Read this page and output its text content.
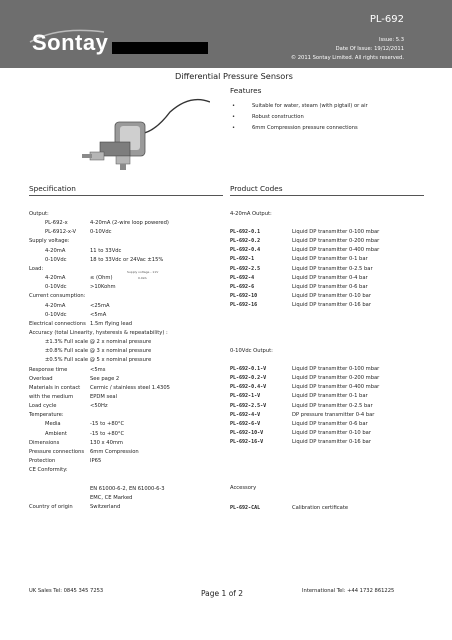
Sontay
PL-692
Issue: 5.3
Date Of Issue: 19/12/2011
© 2011 Sontay Limited. All rights reserved.
Differential Pressure Sensors
Features
•	Suitable for water, steam (with pigtail) or air
•	Robust construction
•	6mm Compression pressure connections
Specification	Product Codes
Output:
PL-692-x	4-20mA (2-wire loop powered)
PL-6912-x-V	0-10Vdc
Supply voltage:
4-20mA	11 to 33Vdc
0-10Vdc	18 to 33Vdc or 24Vac ±15%
Load:
4-20mA	≤ (Ohm)
0-10Vdc	>10Kohm
Current consumption:
4-20mA	<25mA
0-10Vdc	<5mA
Electrical connections 1.5m flying lead
Accuracy (total Linearity, hysteresis & repeatability) :
±1.3% Full scale @ 2 x nominal pressure
±0.8% Full scale @ 3 x nominal pressure
±0.5% Full scale @ 5 x nominal pressure
Response time	<5ms
Overload	See page 2
Materials in contact Cermic / stainless steel 1.4305
with the medium	EPDM seal
Load cycle	<50Hz
Temperature:
Media	-15 to +80°C
Ambient	-15 to +80°C
Dimensions	130 x 40mm
Pressure connections 6mm Compression
Protection	IP65
CE Conformity:
EN 61000-6-2, EN 61000-6-3
EMC, CE Marked
Country of origin	Switzerland
Supply voltage - 11V
0.02A
4-20mA Output:
PL-692-0.1	Liquid DP transmitter 0-100 mbar
PL-692-0.2	Liquid DP transmitter 0-200 mbar
PL-692-0.4	Liquid DP transmitter 0-400 mbar
PL-692-1	Liquid DP transmitter 0-1 bar
PL-692-2.5	Liquid DP transmitter 0-2.5 bar
PL-692-4	Liquid DP transmitter 0-4 bar
PL-692-6	Liquid DP transmitter 0-6 bar
PL-692-10	Liquid DP transmitter 0-10 bar
PL-692-16	Liquid DP transmitter 0-16 bar
0-10Vdc Output:
PL-692-0.1-V	Liquid DP transmitter 0-100 mbar
PL-692-0.2-V	Liquid DP transmitter 0-200 mbar
PL-692-0.4-V	Liquid DP transmitter 0-400 mbar
PL-692-1-V	Liquid DP transmitter 0-1 bar
PL-692-2.5-V	Liquid DP transmitter 0-2.5 bar
PL-692-4-V	DP pressure transmitter 0-4 bar
PL-692-6-V	Liquid DP transmitter 0-6 bar
PL-692-10-V	Liquid DP transmitter 0-10 bar
PL-692-16-V	Liquid DP transmitter 0-16 bar
Accessory
PL-692-CAL	Calibration certificate
UK Sales Tel: 0845 345 7253	Page 1 of 2	International Tel: +44 1732 861225
